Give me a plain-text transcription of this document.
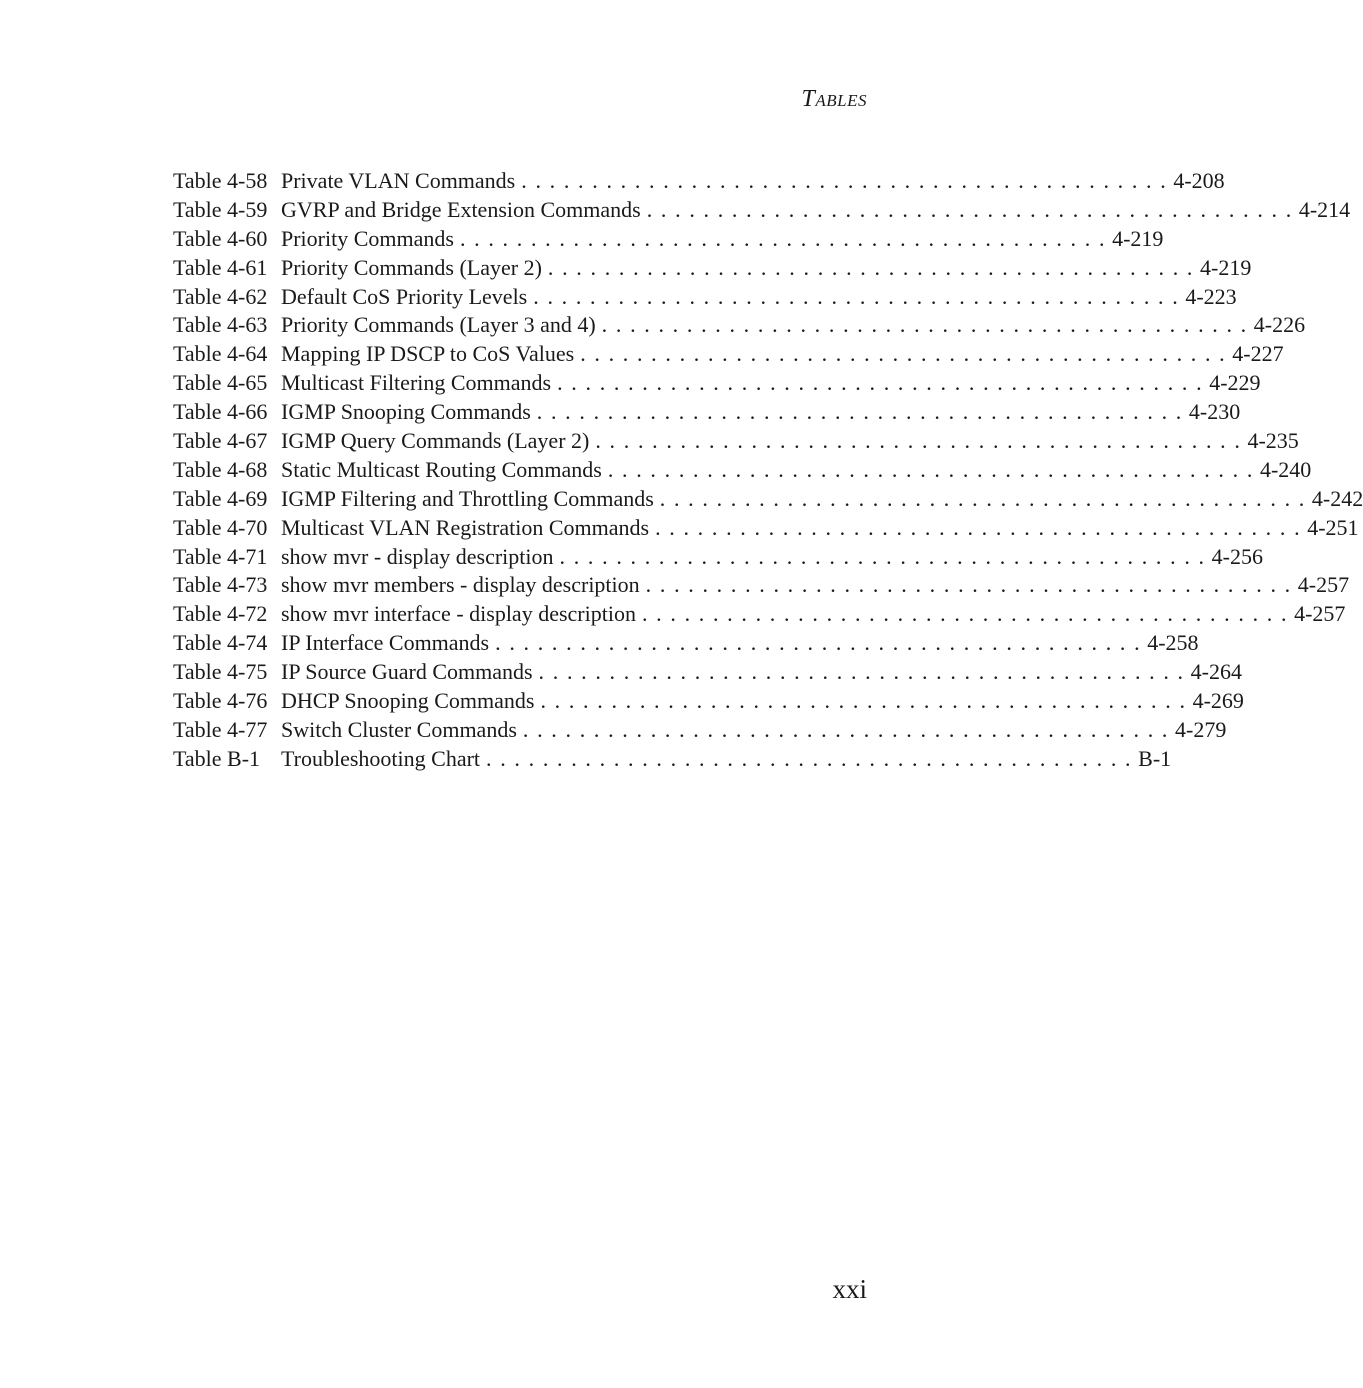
Tables
Table 4-58 Private VLAN Commands . . . . . . . . . . . . . . . . . . . . . . . . . . . . . . . . . . . . . . . . . . . . . . 4-208
Table 4-59 GVRP and Bridge Extension Commands . . . . . . . . . . . . . . . . . . . . . . . . . . . . . . . . . . . . . . . . . . . . . . 4-214
Table 4-60 Priority Commands . . . . . . . . . . . . . . . . . . . . . . . . . . . . . . . . . . . . . . . . . . . . . . 4-219
Table 4-61 Priority Commands (Layer 2) . . . . . . . . . . . . . . . . . . . . . . . . . . . . . . . . . . . . . . . . . . . . . . 4-219
Table 4-62 Default CoS Priority Levels . . . . . . . . . . . . . . . . . . . . . . . . . . . . . . . . . . . . . . . . . . . . . . 4-223
Table 4-63 Priority Commands (Layer 3 and 4) . . . . . . . . . . . . . . . . . . . . . . . . . . . . . . . . . . . . . . . . . . . . . . 4-226
Table 4-64 Mapping IP DSCP to CoS Values . . . . . . . . . . . . . . . . . . . . . . . . . . . . . . . . . . . . . . . . . . . . . . 4-227
Table 4-65 Multicast Filtering Commands . . . . . . . . . . . . . . . . . . . . . . . . . . . . . . . . . . . . . . . . . . . . . . 4-229
Table 4-66 IGMP Snooping Commands . . . . . . . . . . . . . . . . . . . . . . . . . . . . . . . . . . . . . . . . . . . . . . 4-230
Table 4-67 IGMP Query Commands (Layer 2) . . . . . . . . . . . . . . . . . . . . . . . . . . . . . . . . . . . . . . . . . . . . . . 4-235
Table 4-68 Static Multicast Routing Commands . . . . . . . . . . . . . . . . . . . . . . . . . . . . . . . . . . . . . . . . . . . . . . 4-240
Table 4-69 IGMP Filtering and Throttling Commands . . . . . . . . . . . . . . . . . . . . . . . . . . . . . . . . . . . . . . . . . . . . . . 4-242
Table 4-70 Multicast VLAN Registration Commands . . . . . . . . . . . . . . . . . . . . . . . . . . . . . . . . . . . . . . . . . . . . . . 4-251
Table 4-71 show mvr - display description . . . . . . . . . . . . . . . . . . . . . . . . . . . . . . . . . . . . . . . . . . . . . . 4-256
Table 4-73 show mvr members - display description . . . . . . . . . . . . . . . . . . . . . . . . . . . . . . . . . . . . . . . . . . . . . . 4-257
Table 4-72 show mvr interface - display description . . . . . . . . . . . . . . . . . . . . . . . . . . . . . . . . . . . . . . . . . . . . . . 4-257
Table 4-74 IP Interface Commands . . . . . . . . . . . . . . . . . . . . . . . . . . . . . . . . . . . . . . . . . . . . . . 4-258
Table 4-75 IP Source Guard Commands . . . . . . . . . . . . . . . . . . . . . . . . . . . . . . . . . . . . . . . . . . . . . . 4-264
Table 4-76 DHCP Snooping Commands . . . . . . . . . . . . . . . . . . . . . . . . . . . . . . . . . . . . . . . . . . . . . . 4-269
Table 4-77 Switch Cluster Commands . . . . . . . . . . . . . . . . . . . . . . . . . . . . . . . . . . . . . . . . . . . . . . 4-279
Table B-1 Troubleshooting Chart . . . . . . . . . . . . . . . . . . . . . . . . . . . . . . . . . . . . . . . . . . . . . . B-1
xxi
